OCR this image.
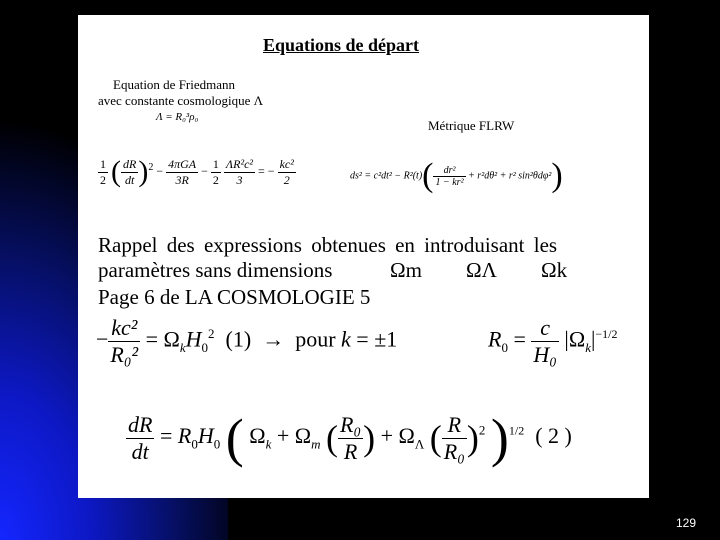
129
Equations de départ
Equation de Friedmann
avec constante cosmologique Λ
Λ = R₀³ρ₀
Métrique FLRW
$\frac{1}{2}$ ( $\frac{dR}{dt} )^2 - \frac{\text{4πGA}}{3R} - \frac{1}{2}$
$\frac{\text{ΛR²c²}}{3}$ = − $\frac{\text{kc²}}{2}$	$ds^2 = c^2dt^2 - R^2(t)( \frac{\text{dr²}}{\text{1 − kr²}} + r^2d\theta^2 + r^2$ sin²θdφ²)
Rappel des expressions obtenues en introduisant les
paramètres sans dimensions	Ωm ΩΛ Ωk
Page 6 de LA COSMOLOGIE 5
− $\frac{\text{kc²}}{\text{R₀²}} = \Omega_kH_0^2$  (1)  →  pour k = ±1	$R_0 = \frac{c}{\text{H₀}} |\Omega_k|^{-1/2}$
$\frac{dR}{dt} = R_0H_0$ ( $\Omega_k + \Omega_m$ ( $\frac{\text{R₀}}{R}$ ) + $\Omega_\Lambda$ ( $\frac{R}{\text{R₀}} )^2$ )$^{1/2}$  ( 2 )
